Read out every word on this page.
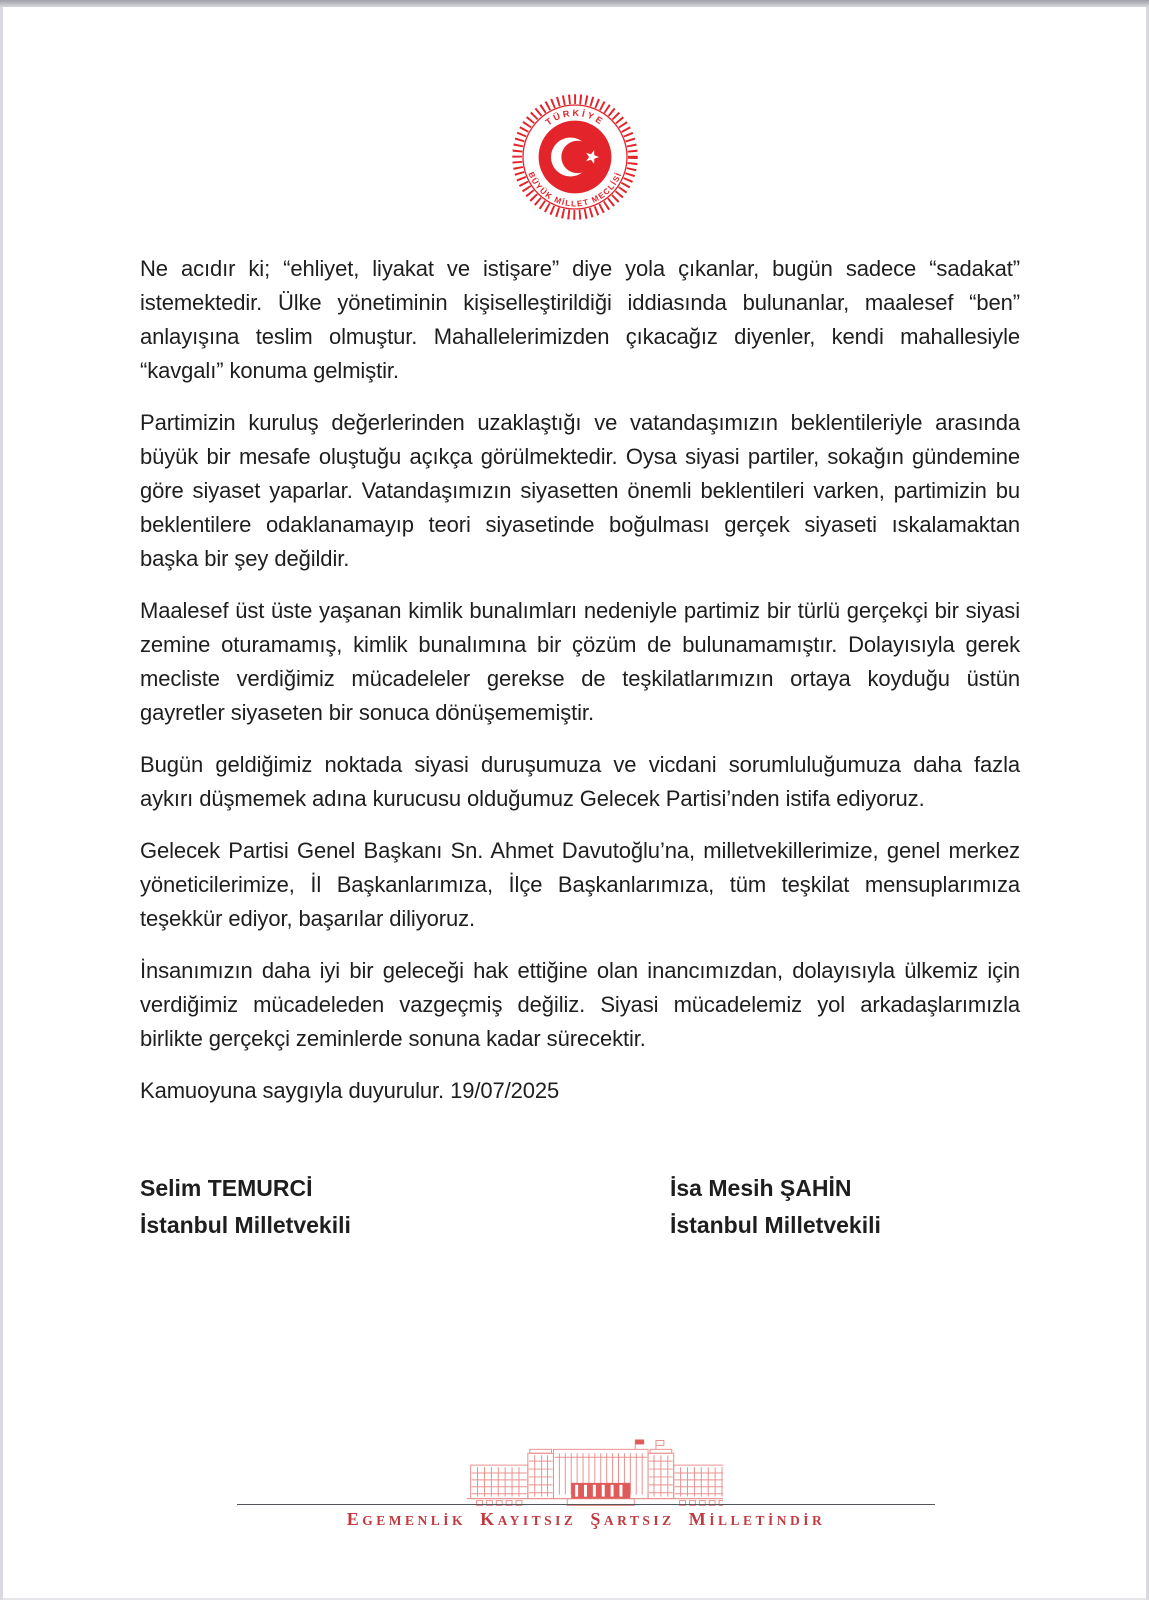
TÜRKİYE
BÜYÜK MİLLET MECLİSİ

Ne acıdır ki; “ehliyet, liyakat ve istişare” diye yola çıkanlar, bugün sadece “sadakat” istemektedir. Ülke yönetiminin kişiselleştirildiği iddiasında bulunanlar, maalesef “ben” anlayışına teslim olmuştur. Mahallelerimizden çıkacağız diyenler, kendi mahallesiyle “kavgalı” konuma gelmiştir.

Partimizin kuruluş değerlerinden uzaklaştığı ve vatandaşımızın beklentileriyle arasında büyük bir mesafe oluştuğu açıkça görülmektedir. Oysa siyasi partiler, sokağın gündemine göre siyaset yaparlar. Vatandaşımızın siyasetten önemli beklentileri varken, partimizin bu beklentilere odaklanamayıp teori siyasetinde boğulması gerçek siyaseti ıskalamaktan başka bir şey değildir.

Maalesef üst üste yaşanan kimlik bunalımları nedeniyle partimiz bir türlü gerçekçi bir siyasi zemine oturamamış, kimlik bunalımına bir çözüm de bulunamamıştır. Dolayısıyla gerek mecliste verdiğimiz mücadeleler gerekse de teşkilatlarımızın ortaya koyduğu üstün gayretler siyaseten bir sonuca dönüşememiştir.

Bugün geldiğimiz noktada siyasi duruşumuza ve vicdani sorumluluğumuza daha fazla aykırı düşmemek adına kurucusu olduğumuz Gelecek Partisi’nden istifa ediyoruz.

Gelecek Partisi Genel Başkanı Sn. Ahmet Davutoğlu’na, milletvekillerimize, genel merkez yöneticilerimize, İl Başkanlarımıza, İlçe Başkanlarımıza, tüm teşkilat mensuplarımıza teşekkür ediyor, başarılar diliyoruz.

İnsanımızın daha iyi bir geleceği hak ettiğine olan inancımızdan, dolayısıyla ülkemiz için verdiğimiz mücadeleden vazgeçmiş değiliz. Siyasi mücadelemiz yol arkadaşlarımızla birlikte gerçekçi zeminlerde sonuna kadar sürecektir.

Kamuoyuna saygıyla duyurulur. 19/07/2025

Selim TEMURCİ
İstanbul Milletvekili
İsa Mesih ŞAHİN
İstanbul Milletvekili
EGEMENLİK KAYITSIZ ŞARTSIZ MİLLETİNDİR
